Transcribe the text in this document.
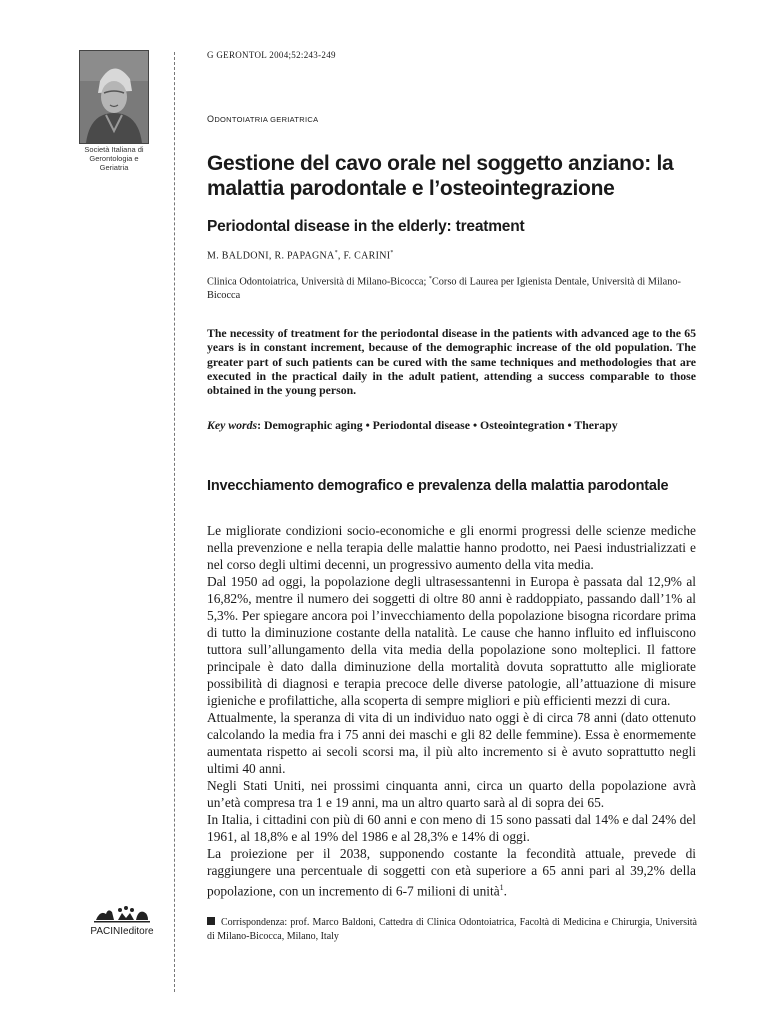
Società Italiana di
Gerontologia e
Geriatria
G GERONTOL 2004;52:243-249
ODONTOIATRIA GERIATRICA
Gestione del cavo orale nel soggetto anziano: la malattia parodontale e l’osteointegrazione
Periodontal disease in the elderly: treatment
M. BALDONI, R. PAPAGNA*, F. CARINI*
Clinica Odontoiatrica, Università di Milano-Bicocca; *Corso di Laurea per Igienista Dentale, Università di Milano-Bicocca

The necessity of treatment for the periodontal disease in the patients with advanced age to the 65 years is in constant increment, because of the demographic increase of the old population. The greater part of such patients can be cured with the same techniques and methodologies that are executed in the practical daily in the adult patient, attending a success comparable to those obtained in the young person.

Key words: Demographic aging • Periodontal disease • Osteointegration • Therapy

Invecchiamento demografico e prevalenza della malattia parodontale

Le migliorate condizioni socio-economiche e gli enormi progressi delle scienze mediche nella prevenzione e nella terapia delle malattie hanno prodotto, nei Paesi industrializzati e nel corso degli ultimi decenni, un progressivo aumento della vita media.

Dal 1950 ad oggi, la popolazione degli ultrasessantenni in Europa è passata dal 12,9% al 16,82%, mentre il numero dei soggetti di oltre 80 anni è raddoppiato, passando dall’1% al 5,3%. Per spiegare ancora poi l’invecchiamento della popolazione bisogna ricordare prima di tutto la diminuzione costante della natalità. Le cause che hanno influito ed influiscono tuttora sull’allungamento della vita media della popolazione sono molteplici. Il fattore principale è dato dalla diminuzione della mortalità dovuta soprattutto alle migliorate possibilità di diagnosi e terapia precoce delle diverse patologie, all’attuazione di misure igieniche e profilattiche, alla scoperta di sempre migliori e più efficienti mezzi di cura.

Attualmente, la speranza di vita di un individuo nato oggi è di circa 78 anni (dato ottenuto calcolando la media fra i 75 anni dei maschi e gli 82 delle femmine). Essa è enormemente aumentata rispetto ai secoli scorsi ma, il più alto incremento si è avuto soprattutto negli ultimi 40 anni.

Negli Stati Uniti, nei prossimi cinquanta anni, circa un quarto della popolazione avrà un’età compresa tra 1 e 19 anni, ma un altro quarto sarà al di sopra dei 65.

In Italia, i cittadini con più di 60 anni e con meno di 15 sono passati dal 14% e dal 24% del 1961, al 18,8% e al 19% del 1986 e al 28,3% e 14% di oggi.

La proiezione per il 2038, supponendo costante la fecondità attuale, prevede di raggiungere una percentuale di soggetti con età superiore a 65 anni pari al 39,2% della popolazione, con un incremento di 6-7 milioni di unità$^1$.

Corrispondenza: prof. Marco Baldoni, Cattedra di Clinica Odontoiatrica, Facoltà di Medicina e Chirurgia, Università di Milano-Bicocca, Milano, Italy
PACINIeditore
